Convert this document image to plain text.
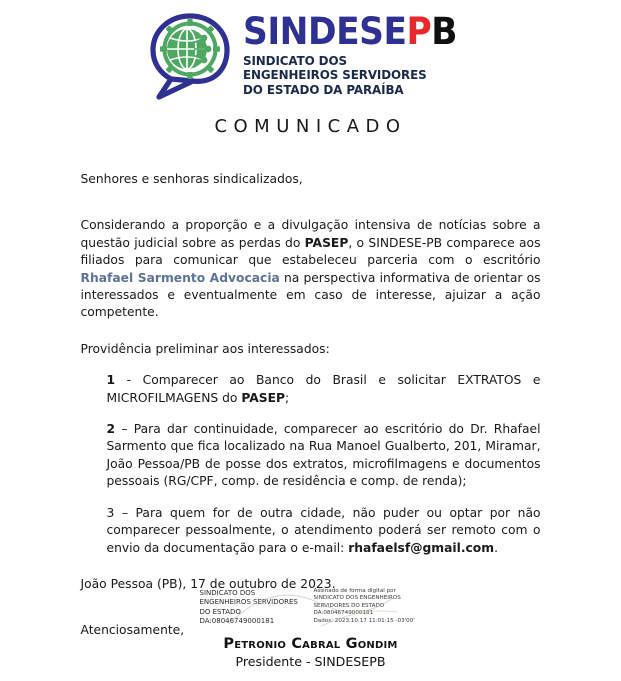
SINDESEPB
SINDICATO DOS
ENGENHEIROS SERVIDORES
DO ESTADO DA PARAÍBA
COMUNICADO

Senhores e senhoras sindicalizados,

Considerando a proporção e a divulgação intensiva de notícias sobre a questão judicial sobre as perdas do PASEP, o SINDESE-PB comparece aos filiados para comunicar que estabeleceu parceria com o escritório Rhafael Sarmento Advocacia na perspectiva informativa de orientar os interessados e eventualmente em caso de interesse, ajuizar a ação competente.

Providência preliminar aos interessados:

1 - Comparecer ao Banco do Brasil e solicitar EXTRATOS e MICROFILMAGENS do PASEP;

2 – Para dar continuidade, comparecer ao escritório do Dr. Rhafael Sarmento que fica localizado na Rua Manoel Gualberto, 201, Miramar, João Pessoa/PB de posse dos extratos, microfilmagens e documentos pessoais (RG/CPF, comp. de residência e comp. de renda);

3 – Para quem for de outra cidade, não puder ou optar por não comparecer pessoalmente, o atendimento poderá ser remoto com o envio da documentação para o e-mail: rhafaelsf@gmail.com.

João Pessoa (PB), 17 de outubro de 2023.

Atenciosamente,

SINDICATO DOS
ENGENHEIROS SERVIDORES
DO ESTADO
DA:08046749000181
Assinado de forma digital por
SINDICATO DOS ENGENHEIROS
SERVIDORES DO ESTADO
DA:08046749000181
Dados: 2023.10.17 11:01:15 -03'00'
Petronio Cabral Gondim
Presidente - SINDESEPB
